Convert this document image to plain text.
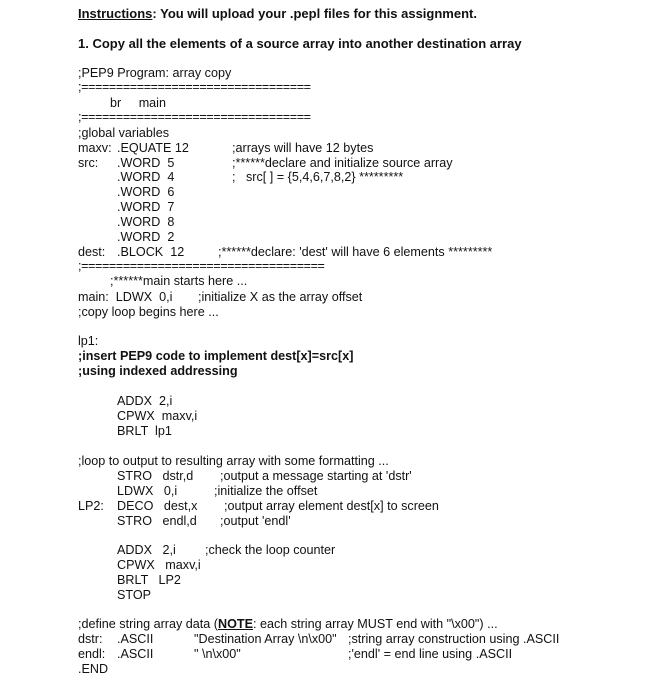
Instructions: You will upload your .pepl files for this assignment.
1. Copy all the elements of a source array into another destination array
;PEP9 Program: array copy
;=================================
br     main
;=================================
;global variables
maxv: .EQUATE 12	;arrays will have 12 bytes
src: .WORD  5	;******declare and initialize source array
.WORD  4	;   src[ ] = {5,4,6,7,8,2} *********
.WORD  6
.WORD  7
.WORD  8
.WORD  2
dest: .BLOCK  12	;******declare: 'dest' will have 6 elements *********
;===================================
;******main starts here ...
main:  LDWX  0,i ;initialize X as the array offset
;copy loop begins here ...
lp1:
;insert PEP9 code to implement dest[x]=src[x]
;using indexed addressing
ADDX  2,i
CPWX  maxv,i
BRLT  lp1
;loop to output to resulting array with some formatting ...
STRO   dstr,d ;output a message starting at 'dstr'
LDWX   0,i	;initialize the offset
LP2: DECO   dest,x ;output array element dest[x] to screen
STRO   endl,d ;output 'endl'
ADDX   2,i ;check the loop counter
CPWX   maxv,i
BRLT   LP2
STOP
;define string array data (NOTE: each string array MUST end with "\x00") ...
dstr: .ASCII	"Destination Array \n\x00" ;string array construction using .ASCII
endl: .ASCII	" \n\x00"	;'endl' = end line using .ASCII
.END
